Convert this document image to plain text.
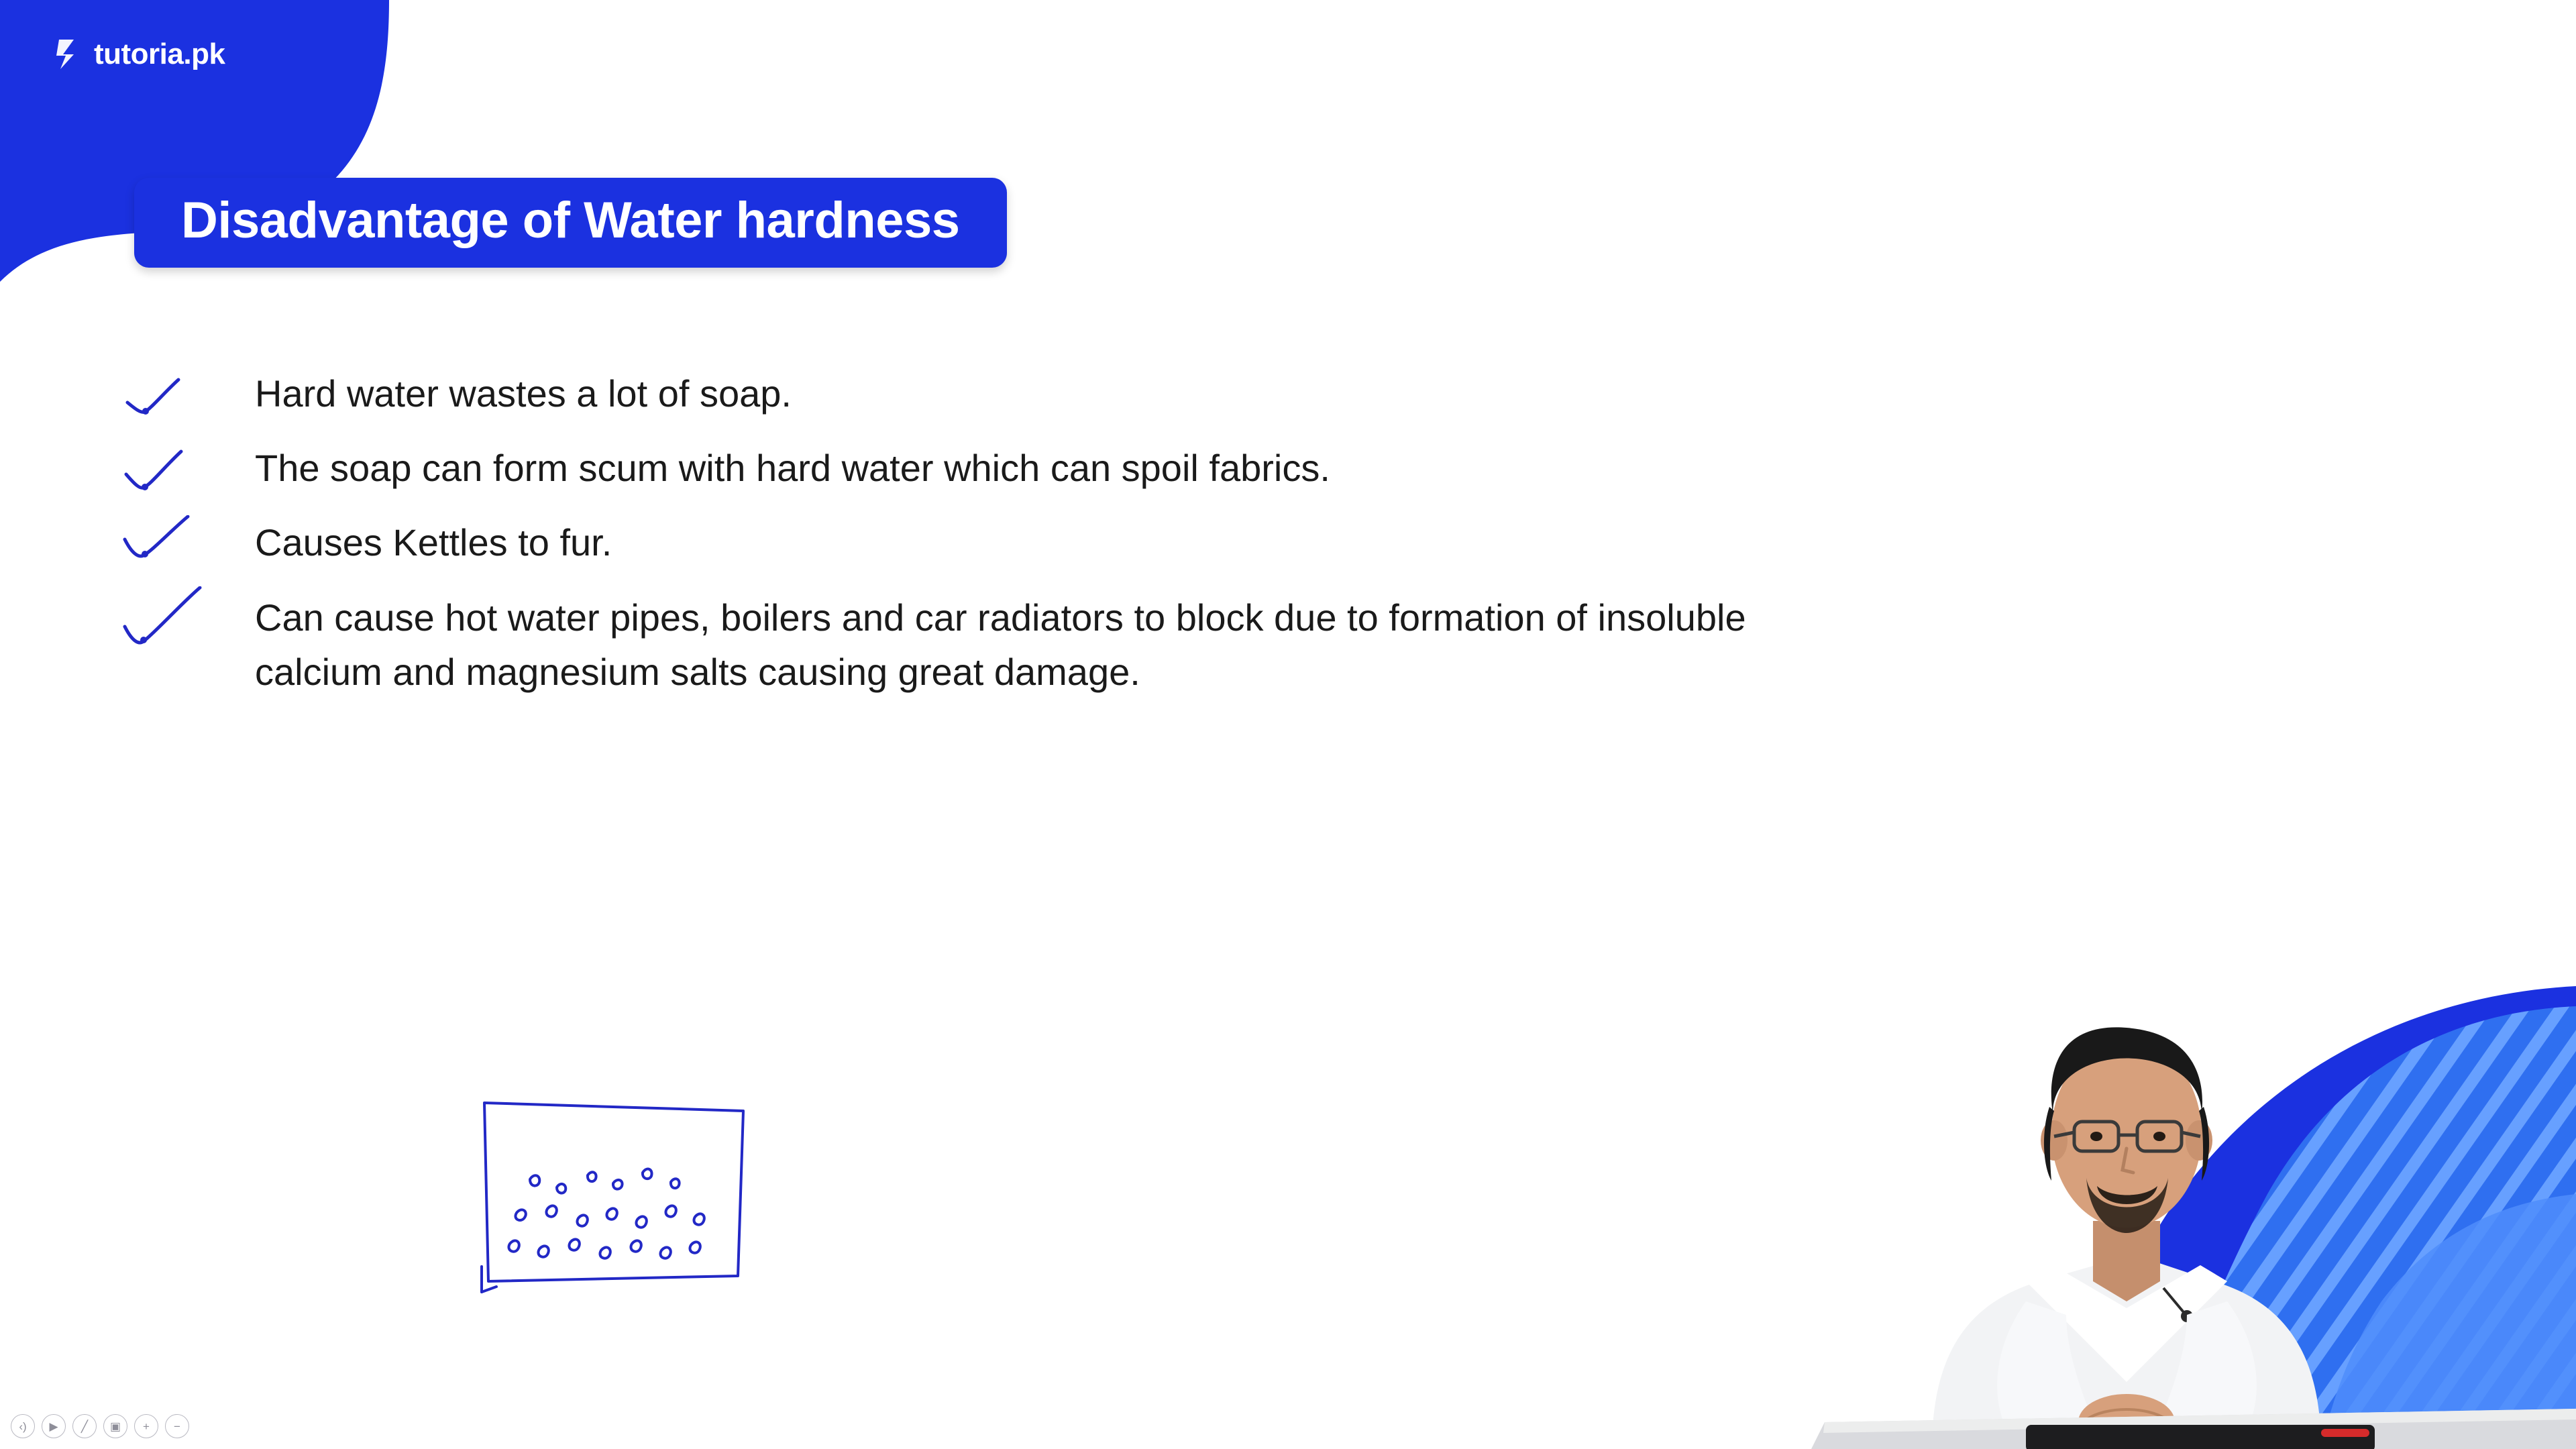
tutoria.pk
Disadvantage of Water hardness
Hard water wastes a lot of soap.
The soap can form scum with hard water which can spoil fabrics.
Causes Kettles to fur.
Can cause hot water pipes, boilers and car radiators to block due to formation of insoluble calcium and magnesium salts causing great damage.
‹)	▶	╱	▣	+	−
